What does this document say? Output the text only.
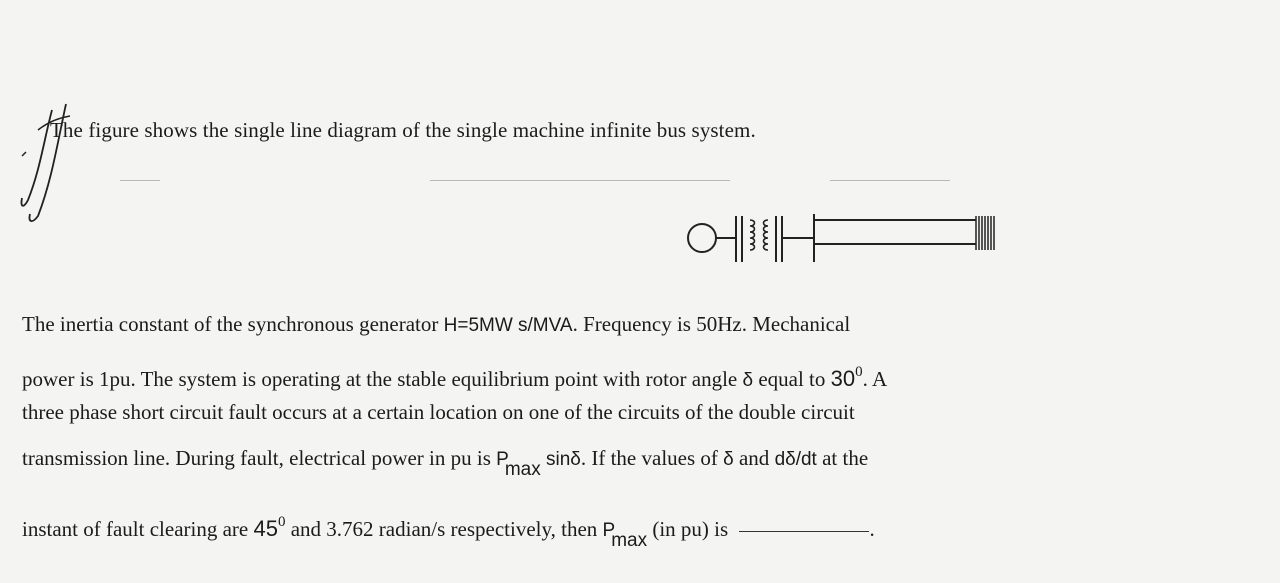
The figure shows the single line diagram of the single machine infinite bus system.
The inertia constant of the synchronous generator H=5MW s/MVA. Frequency is 50Hz. Mechanical
power is 1pu. The system is operating at the stable equilibrium point with rotor angle δ equal to $30^0$. A
three phase short circuit fault occurs at a certain location on one of the circuits of the double circuit
transmission line. During fault, electrical power in pu is Pmax sinδ. If the values of δ and dδ/dt at the
instant of fault clearing are $45^0$ and 3.762 radian/s respectively, then Pmax (in pu) is	.
